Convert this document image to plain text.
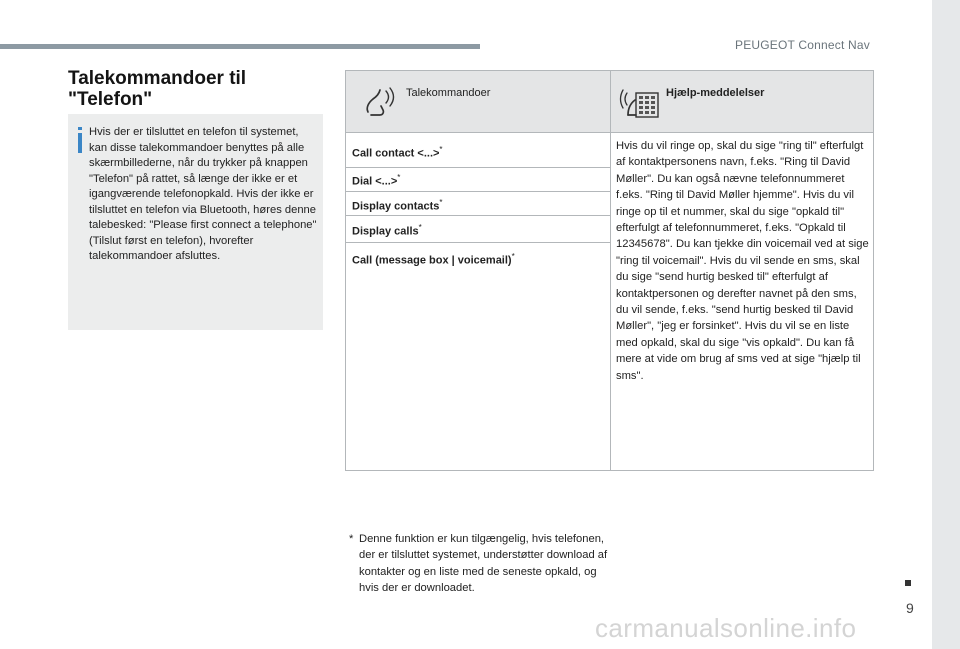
PEUGEOT Connect Nav
9
Talekommandoer til "Telefon"

Hvis der er tilsluttet en telefon til systemet, kan disse talekommandoer benyttes på alle skærmbillederne, når du trykker på knappen "Telefon" på rattet, så længe der ikke er et igangværende telefonopkald. Hvis der ikke er tilsluttet en telefon via Bluetooth, høres denne talebesked: "Please first connect a telephone" (Tilslut først en telefon), hvorefter talekommandoer afsluttes.

Talekommandoer	Hjælp-meddelelser
Call contact <...>*
Dial <...>*
Display contacts*
Display calls*
Call (message box | voicemail)*

Hvis du vil ringe op, skal du sige "ring til" efterfulgt af kontaktpersonens navn, f.eks. "Ring til David Møller". Du kan også nævne telefonnummeret f.eks. "Ring til David Møller hjemme". Hvis du vil ringe op til et nummer, skal du sige "opkald til" efterfulgt af telefonnummeret, f.eks. "Opkald til 12345678". Du kan tjekke din voicemail ved at sige "ring til voicemail". Hvis du vil sende en sms, skal du sige "send hurtig besked til" efterfulgt af kontaktpersonen og derefter navnet på den sms, du vil sende, f.eks. "send hurtig besked til David Møller", "jeg er forsinket". Hvis du vil se en liste med opkald, skal du sige "vis opkald". Du kan få mere at vide om brug af sms ved at sige "hjælp til sms".

* Denne funktion er kun tilgængelig, hvis telefonen, der er tilsluttet systemet, understøtter download af kontakter og en liste med de seneste opkald, og hvis der er downloadet.
carmanualsonline.info
